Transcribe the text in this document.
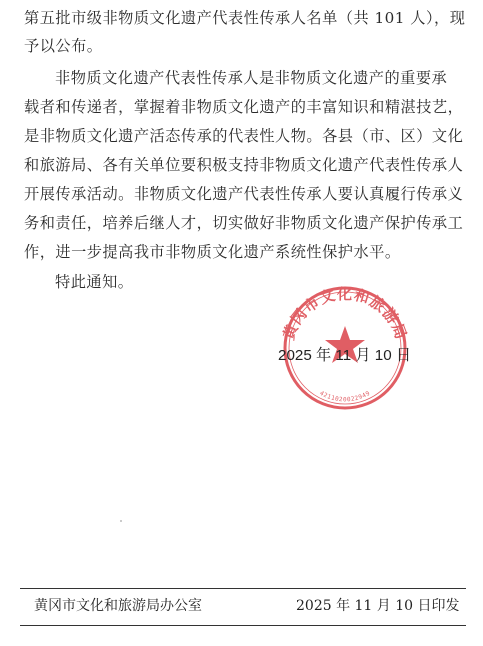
第五批市级非物质文化遗产代表性传承人名单（共 101 人），现
予以公布。
非物质文化遗产代表性传承人是非物质文化遗产的重要承
载者和传递者，掌握着非物质文化遗产的丰富知识和精湛技艺，
是非物质文化遗产活态传承的代表性人物。各县（市、区）文化
和旅游局、各有关单位要积极支持非物质文化遗产代表性传承人
开展传承活动。非物质文化遗产代表性传承人要认真履行传承义
务和责任，培养后继人才，切实做好非物质文化遗产保护传承工
作，进一步提高我市非物质文化遗产系统性保护水平。
特此通知。
黄冈市文化和旅游局
4211020022949
2025 年 11 月 10 日
黄冈市文化和旅游局办公室	2025 年 11 月 10 日印发
